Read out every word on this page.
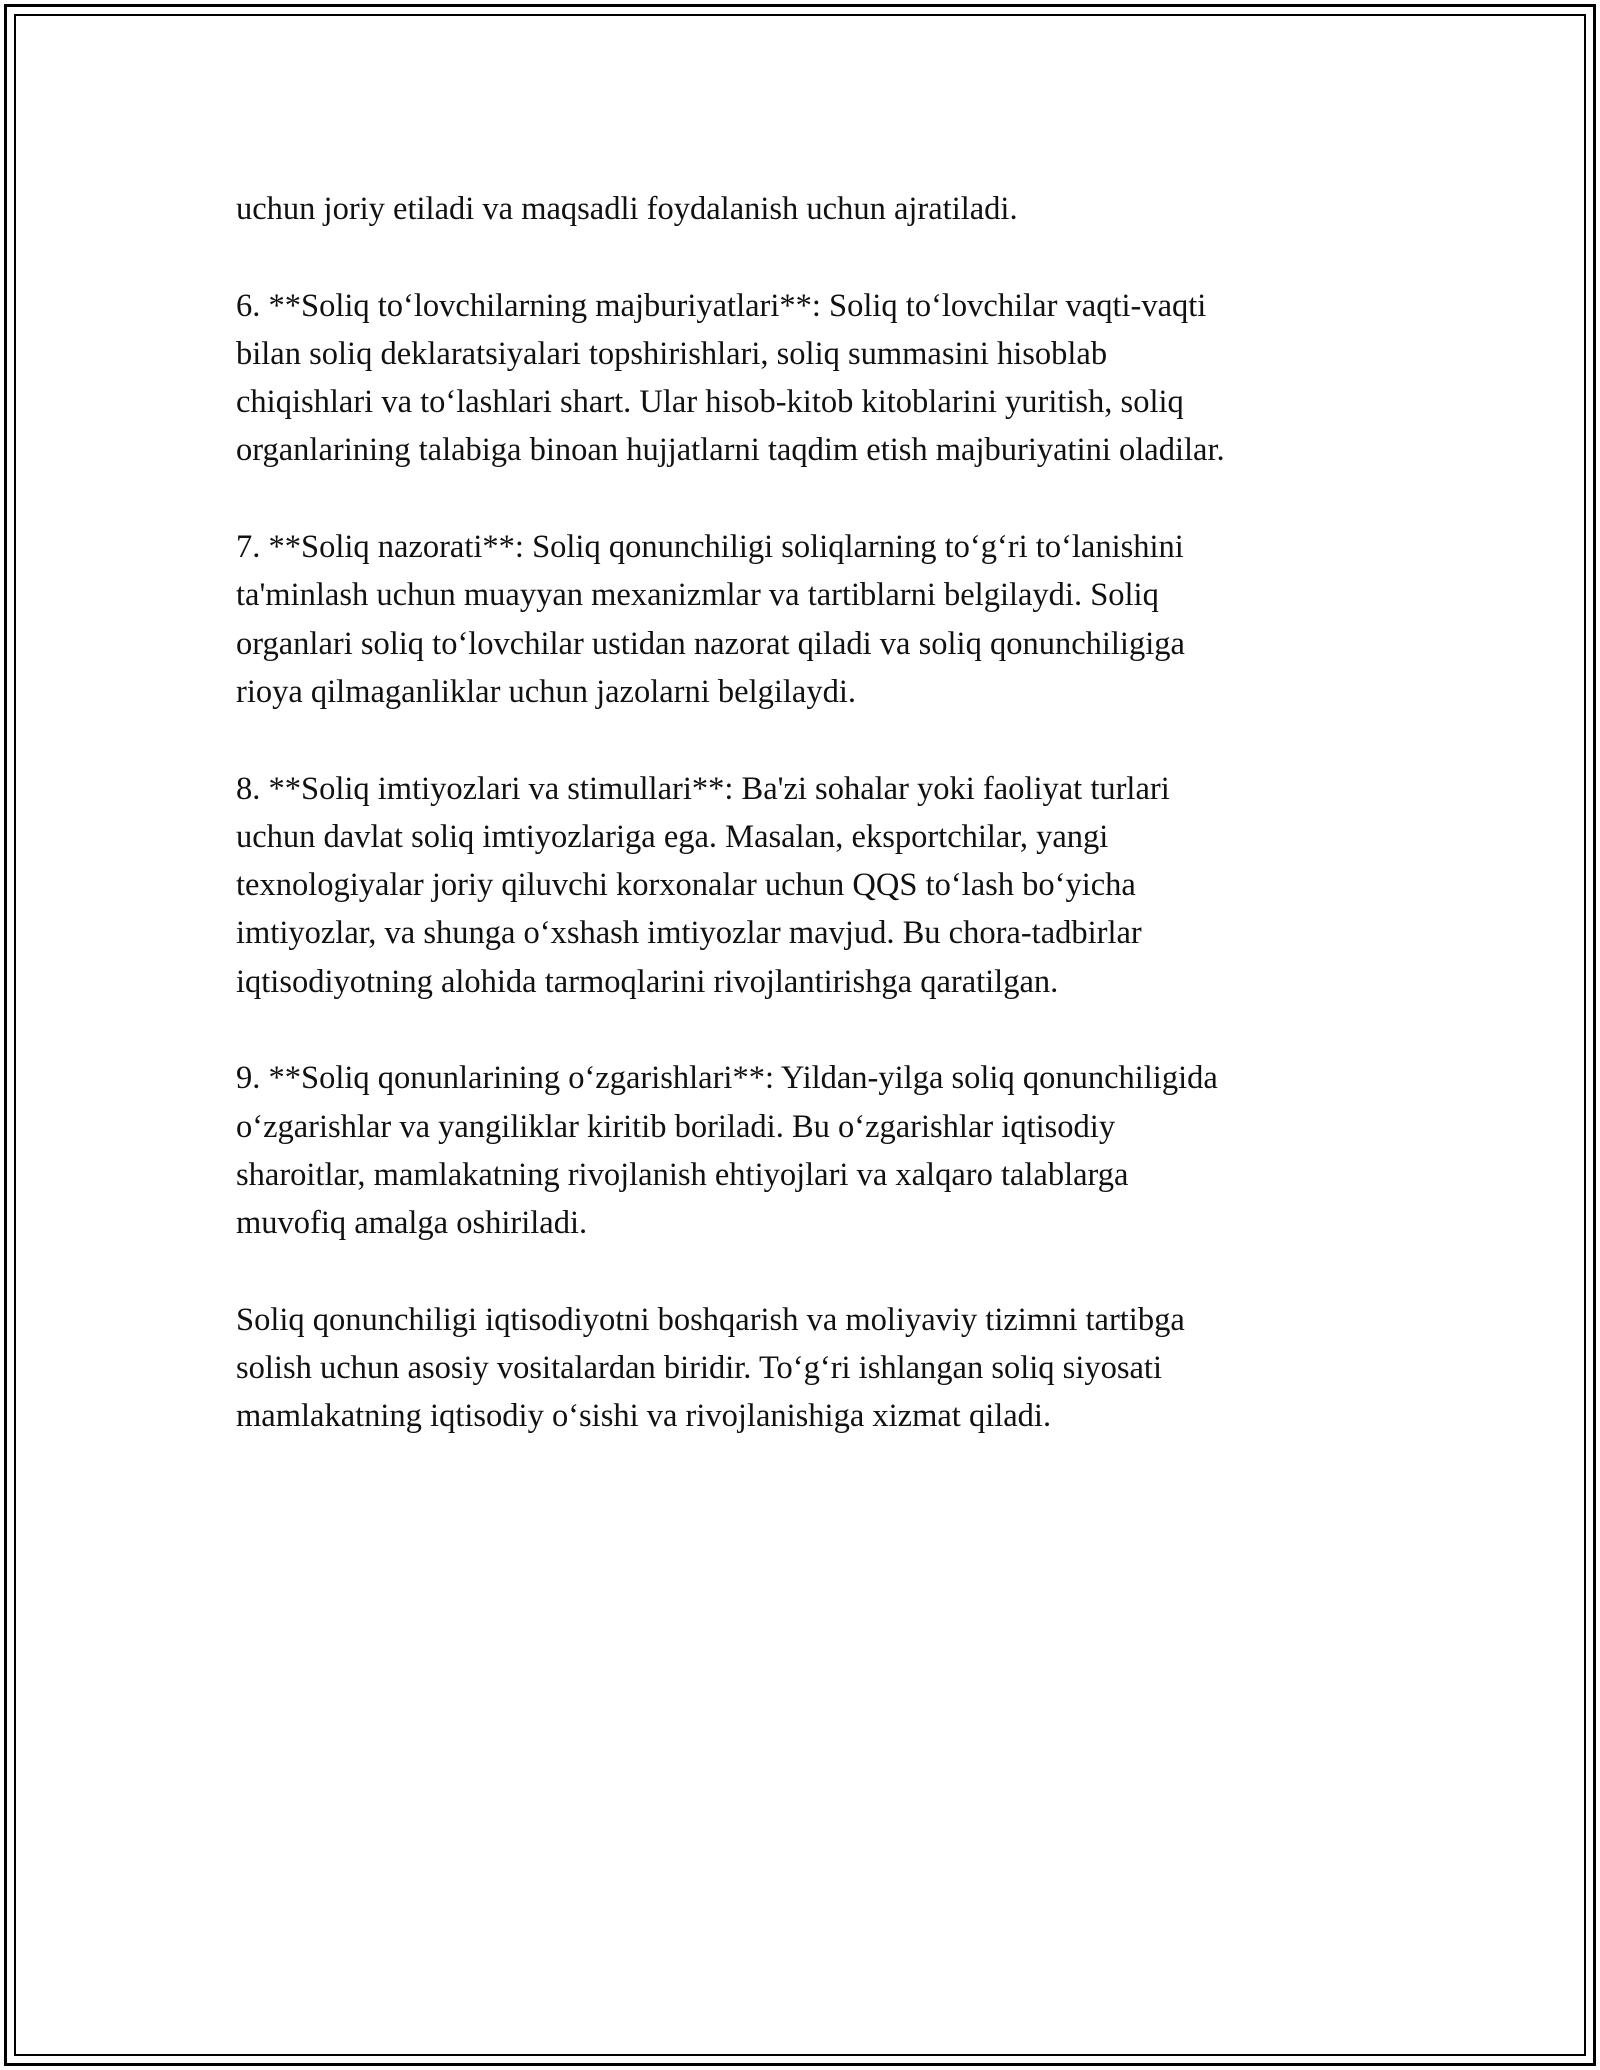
uchun joriy etiladi va maqsadli foydalanish uchun ajratiladi.

6. **Soliq to‘lovchilarning majburiyatlari**: Soliq to‘lovchilar vaqti-vaqti
bilan soliq deklaratsiyalari topshirishlari, soliq summasini hisoblab
chiqishlari va to‘lashlari shart. Ular hisob-kitob kitoblarini yuritish, soliq
organlarining talabiga binoan hujjatlarni taqdim etish majburiyatini oladilar.

7. **Soliq nazorati**: Soliq qonunchiligi soliqlarning to‘g‘ri to‘lanishini
ta'minlash uchun muayyan mexanizmlar va tartiblarni belgilaydi. Soliq
organlari soliq to‘lovchilar ustidan nazorat qiladi va soliq qonunchiligiga
rioya qilmaganliklar uchun jazolarni belgilaydi.

8. **Soliq imtiyozlari va stimullari**: Ba'zi sohalar yoki faoliyat turlari
uchun davlat soliq imtiyozlariga ega. Masalan, eksportchilar, yangi
texnologiyalar joriy qiluvchi korxonalar uchun QQS to‘lash bo‘yicha
imtiyozlar, va shunga o‘xshash imtiyozlar mavjud. Bu chora-tadbirlar
iqtisodiyotning alohida tarmoqlarini rivojlantirishga qaratilgan.

9. **Soliq qonunlarining o‘zgarishlari**: Yildan-yilga soliq qonunchiligida
o‘zgarishlar va yangiliklar kiritib boriladi. Bu o‘zgarishlar iqtisodiy
sharoitlar, mamlakatning rivojlanish ehtiyojlari va xalqaro talablarga
muvofiq amalga oshiriladi.

Soliq qonunchiligi iqtisodiyotni boshqarish va moliyaviy tizimni tartibga
solish uchun asosiy vositalardan biridir. To‘g‘ri ishlangan soliq siyosati
mamlakatning iqtisodiy o‘sishi va rivojlanishiga xizmat qiladi.
